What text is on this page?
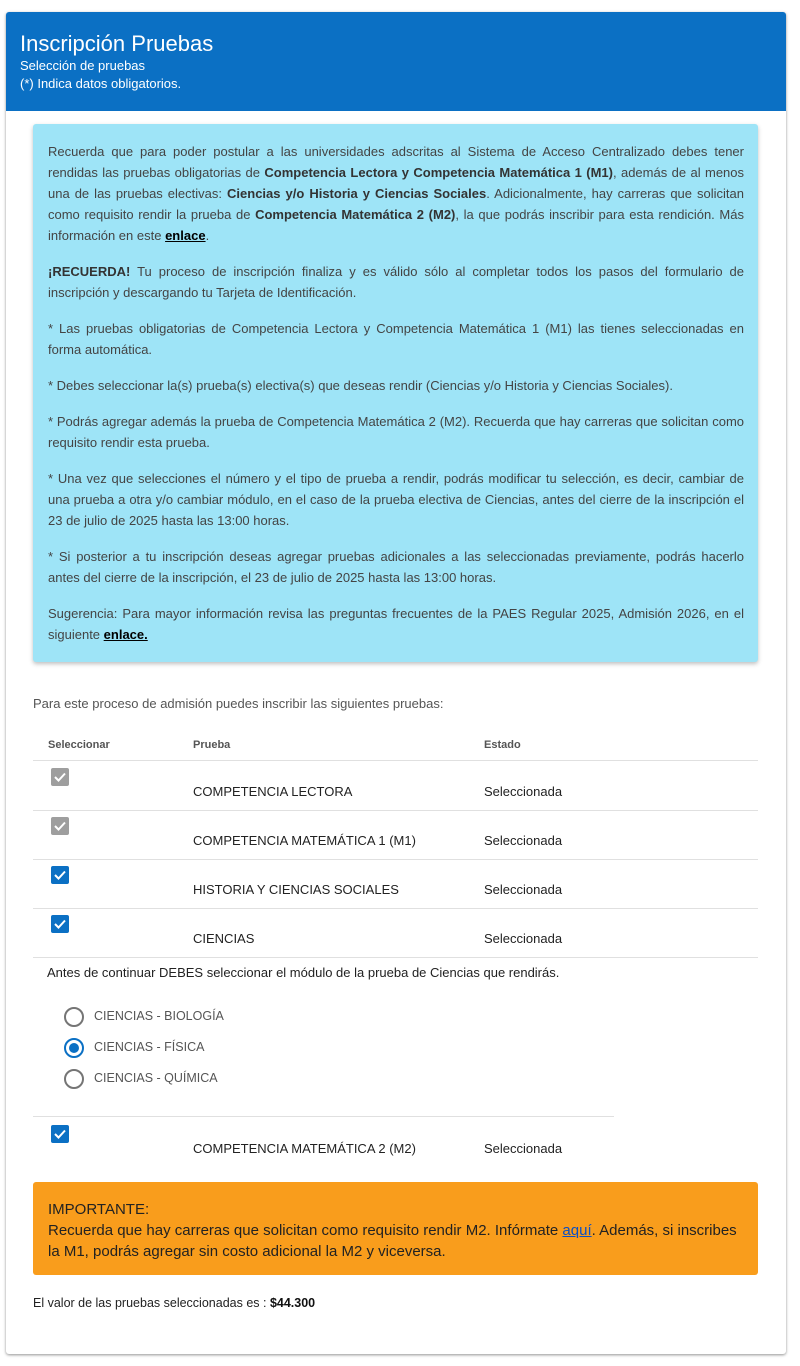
Inscripción Pruebas
Selección de pruebas
(*) Indica datos obligatorios.

Recuerda que para poder postular a las universidades adscritas al Sistema de Acceso Centralizado debes tener rendidas las pruebas obligatorias de Competencia Lectora y Competencia Matemática 1 (M1), además de al menos una de las pruebas electivas: Ciencias y/o Historia y Ciencias Sociales. Adicionalmente, hay carreras que solicitan como requisito rendir la prueba de Competencia Matemática 2 (M2), la que podrás inscribir para esta rendición. Más información en este enlace.

¡RECUERDA! Tu proceso de inscripción finaliza y es válido sólo al completar todos los pasos del formulario de inscripción y descargando tu Tarjeta de Identificación.

* Las pruebas obligatorias de Competencia Lectora y Competencia Matemática 1 (M1) las tienes seleccionadas en forma automática.

* Debes seleccionar la(s) prueba(s) electiva(s) que deseas rendir (Ciencias y/o Historia y Ciencias Sociales).

* Podrás agregar además la prueba de Competencia Matemática 2 (M2). Recuerda que hay carreras que solicitan como requisito rendir esta prueba.

* Una vez que selecciones el número y el tipo de prueba a rendir, podrás modificar tu selección, es decir, cambiar de una prueba a otra y/o cambiar módulo, en el caso de la prueba electiva de Ciencias, antes del cierre de la inscripción el 23 de julio de 2025 hasta las 13:00 horas.

* Si posterior a tu inscripción deseas agregar pruebas adicionales a las seleccionadas previamente, podrás hacerlo antes del cierre de la inscripción, el 23 de julio de 2025 hasta las 13:00 horas.

Sugerencia: Para mayor información revisa las preguntas frecuentes de la PAES Regular 2025, Admisión 2026, en el siguiente enlace.

Para este proceso de admisión puedes inscribir las siguientes pruebas:
Seleccionar	Prueba	Estado
COMPETENCIA LECTORA	Seleccionada
COMPETENCIA MATEMÁTICA 1 (M1)	Seleccionada
HISTORIA Y CIENCIAS SOCIALES	Seleccionada
CIENCIAS	Seleccionada
Antes de continuar DEBES seleccionar el módulo de la prueba de Ciencias que rendirás.
CIENCIAS - BIOLOGÍA
CIENCIAS - FÍSICA
CIENCIAS - QUÍMICA
COMPETENCIA MATEMÁTICA 2 (M2)	Seleccionada
IMPORTANTE:
Recuerda que hay carreras que solicitan como requisito rendir M2. Infórmate aquí. Además, si inscribes la M1, podrás agregar sin costo adicional la M2 y viceversa.
El valor de las pruebas seleccionadas es : $44.300
